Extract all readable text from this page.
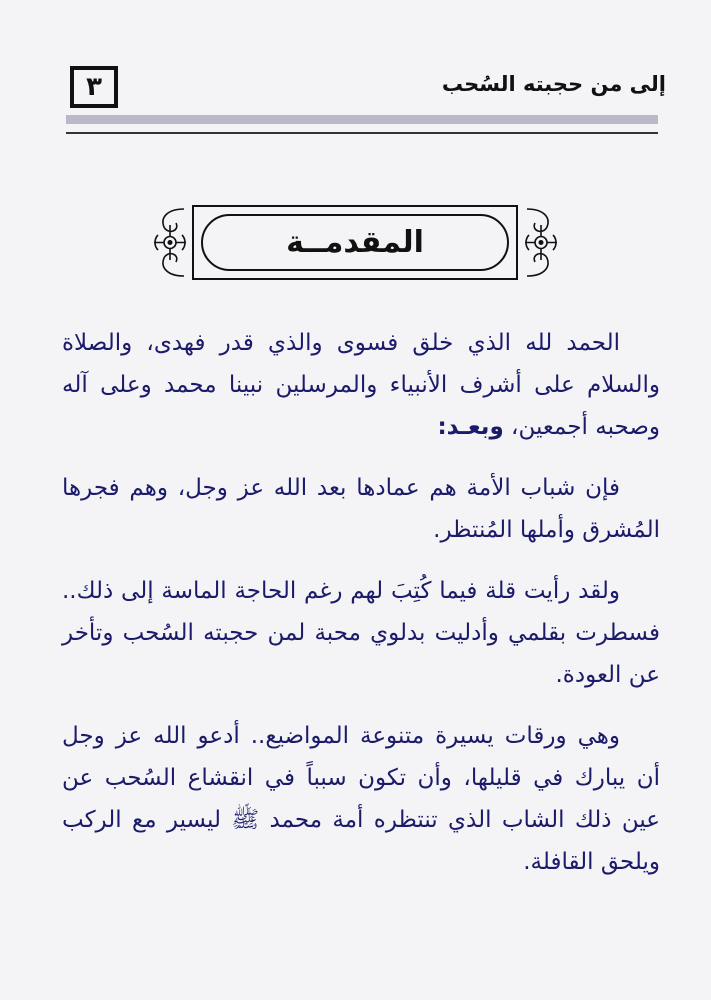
إلى من حجبته السُحب
٣
المقدمــة

الحمد لله الذي خلق فسوى والذي قدر فهدى، والصلاة والسلام على أشرف الأنبياء والمرسلين نبينا محمد وعلى آله وصحبه أجمعين، وبعـد:

فإن شباب الأمة هم عمادها بعد الله عز وجل، وهم فجرها المُشرق وأملها المُنتظر.

ولقد رأيت قلة فيما كُتِبَ لهم رغم الحاجة الماسة إلى ذلك.. فسطرت بقلمي وأدليت بدلوي محبة لمن حجبته السُحب وتأخر عن العودة.

وهي ورقات يسيرة متنوعة المواضيع.. أدعو الله عز وجل أن يبارك في قليلها، وأن تكون سبباً في انقشاع السُحب عن عين ذلك الشاب الذي تنتظره أمة محمد ﷺ ليسير مع الركب ويلحق القافلة.
